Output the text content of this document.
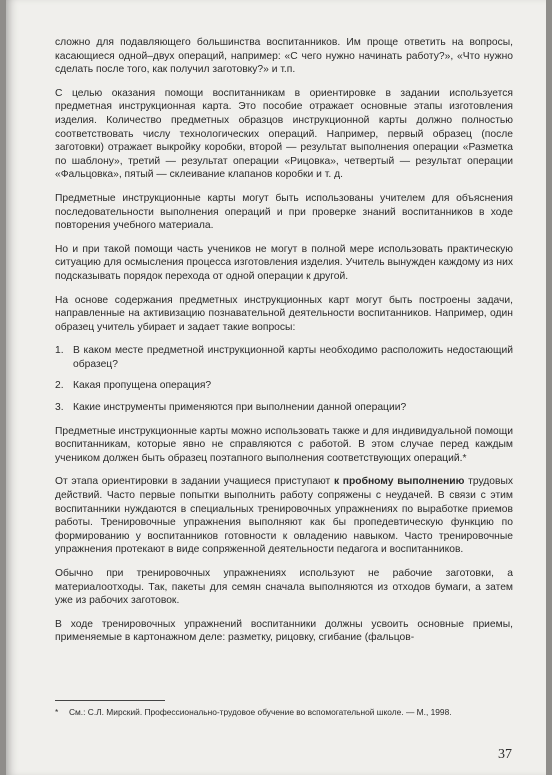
сложно для подавляющего большинства воспитанников. Им проще ответить на вопросы, касающиеся одной–двух операций, например: «С чего нужно начинать работу?», «Что нужно сделать после того, как получил заготовку?» и т.п.

С целью оказания помощи воспитанникам в ориентировке в задании используется предметная инструкционная карта. Это пособие отражает основные этапы изготовления изделия. Количество предметных образцов инструкционной карты должно полностью соответствовать числу технологических операций. Например, первый образец (после заготовки) отражает выкройку коробки, второй — результат выполнения операции «Разметка по шаблону», третий — результат операции «Рицовка», четвертый — результат операции «Фальцовка», пятый — склеивание клапанов коробки и т. д.

Предметные инструкционные карты могут быть использованы учителем для объяснения последовательности выполнения операций и при проверке знаний воспитанников в ходе повторения учебного материала.

Но и при такой помощи часть учеников не могут в полной мере использовать практическую ситуацию для осмысления процесса изготовления изделия. Учитель вынужден каждому из них подсказывать порядок перехода от одной операции к другой.

На основе содержания предметных инструкционных карт могут быть построены задачи, направленные на активизацию познавательной деятельности воспитанников. Например, один образец учитель убирает и задает такие вопросы:

1. В каком месте предметной инструкционной карты необходимо расположить недостающий образец?
2. Какая пропущена операция?
3. Какие инструменты применяются при выполнении данной операции?

Предметные инструкционные карты можно использовать также и для индивидуальной помощи воспитанникам, которые явно не справляются с работой. В этом случае перед каждым учеником должен быть образец поэтапного выполнения соответствующих операций.*

От этапа ориентировки в задании учащиеся приступают к пробному выполнению трудовых действий. Часто первые попытки выполнить работу сопряжены с неудачей. В связи с этим воспитанники нуждаются в специальных тренировочных упражнениях по выработке приемов работы. Тренировочные упражнения выполняют как бы пропедевтическую функцию по формированию у воспитанников готовности к овладению навыком. Часто тренировочные упражнения протекают в виде сопряженной деятельности педагога и воспитанников.

Обычно при тренировочных упражнениях используют не рабочие заготовки, а материалоотходы. Так, пакеты для семян сначала выполняются из отходов бумаги, а затем уже из рабочих заготовок.

В ходе тренировочных упражнений воспитанники должны усвоить основные приемы, применяемые в картонажном деле: разметку, рицовку, сгибание (фальцов-

*	См.: С.Л. Мирский. Профессионально-трудовое обучение во вспомогательной школе. — М., 1998.
37
